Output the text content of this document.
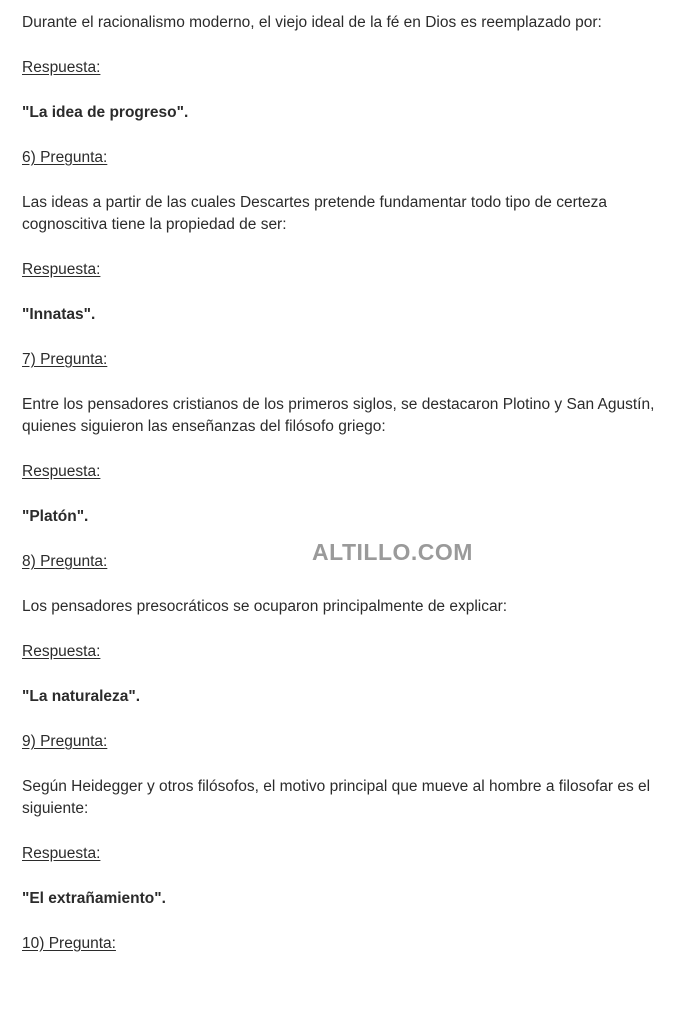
Durante el racionalismo moderno, el viejo ideal de la fé en Dios es reemplazado por:
Respuesta:
"La idea de progreso".
6) Pregunta:
Las ideas a partir de las cuales Descartes pretende fundamentar todo tipo de certeza cognoscitiva tiene la propiedad de ser:
Respuesta:
"Innatas".
7) Pregunta:
Entre los pensadores cristianos de los primeros siglos, se destacaron Plotino y San Agustín, quienes siguieron las enseñanzas del filósofo griego:
Respuesta:
"Platón".
8) Pregunta:
Los pensadores presocráticos se ocuparon principalmente de explicar:
Respuesta:
"La naturaleza".
9) Pregunta:
Según Heidegger y otros filósofos, el motivo principal que mueve al hombre a filosofar es el siguiente:
Respuesta:
"El extrañamiento".
10) Pregunta:
ALTILLO.COM
